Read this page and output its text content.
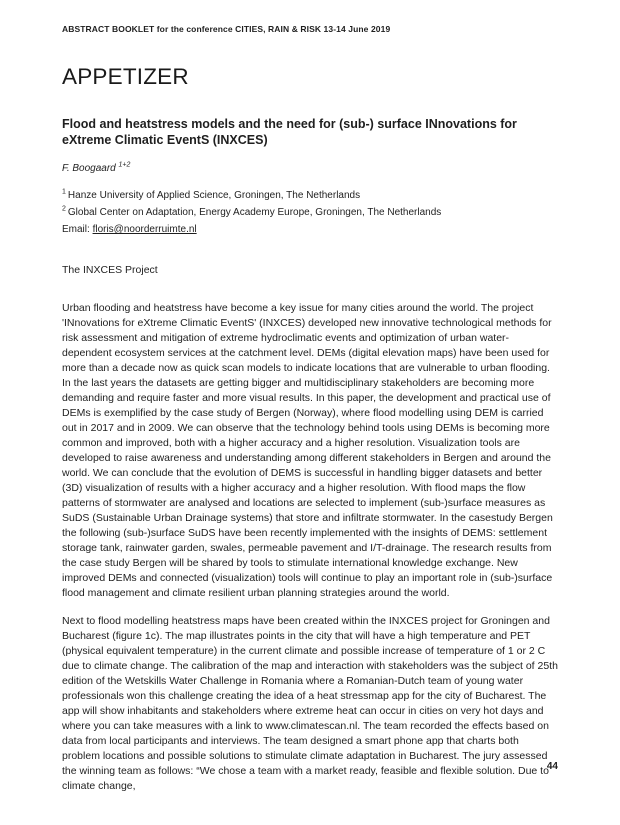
ABSTRACT BOOKLET for the conference CITIES, RAIN & RISK 13-14 June 2019
APPETIZER
Flood and heatstress models and the need for (sub-) surface INnovations for eXtreme Climatic EventS (INXCES)
F. Boogaard $^{1+2}$
$^1$ Hanze University of Applied Science, Groningen, The Netherlands
$^2$ Global Center on Adaptation, Energy Academy Europe, Groningen, The Netherlands
Email: floris@noorderruimte.nl
The INXCES Project

Urban flooding and heatstress have become a key issue for many cities around the world. The project 'INnovations for eXtreme Climatic EventS' (INXCES) developed new innovative technological methods for risk assessment and mitigation of extreme hydroclimatic events and optimization of urban water-dependent ecosystem services at the catchment level. DEMs (digital elevation maps) have been used for more than a decade now as quick scan models to indicate locations that are vulnerable to urban flooding. In the last years the datasets are getting bigger and multidisciplinary stakeholders are becoming more demanding and require faster and more visual results. In this paper, the development and practical use of DEMs is exemplified by the case study of Bergen (Norway), where flood modelling using DEM is carried out in 2017 and in 2009. We can observe that the technology behind tools using DEMs is becoming more common and improved, both with a higher accuracy and a higher resolution. Visualization tools are developed to raise awareness and understanding among different stakeholders in Bergen and around the world. We can conclude that the evolution of DEMS is successful in handling bigger datasets and better (3D) visualization of results with a higher accuracy and a higher resolution. With flood maps the flow patterns of stormwater are analysed and locations are selected to implement (sub-)surface measures as SuDS (Sustainable Urban Drainage systems) that store and infiltrate stormwater. In the casestudy Bergen the following (sub-)surface SuDS have been recently implemented with the insights of DEMS: settlement storage tank, rainwater garden, swales, permeable pavement and I/T-drainage. The research results from the case study Bergen will be shared by tools to stimulate international knowledge exchange. New improved DEMs and connected (visualization) tools will continue to play an important role in (sub-)surface flood management and climate resilient urban planning strategies around the world.

Next to flood modelling heatstress maps have been created within the INXCES project for Groningen and Bucharest (figure 1c). The map illustrates points in the city that will have a high temperature and PET (physical equivalent temperature) in the current climate and possible increase of temperature of 1 or 2 C due to climate change. The calibration of the map and interaction with stakeholders was the subject of 25th edition of the Wetskills Water Challenge in Romania where a Romanian-Dutch team of young water professionals won this challenge creating the idea of a heat stressmap app for the city of Bucharest. The app will show inhabitants and stakeholders where extreme heat can occur in cities on very hot days and where you can take measures with a link to www.climatescan.nl. The team recorded the effects based on data from local participants and interviews. The team designed a smart phone app that charts both problem locations and possible solutions to stimulate climate adaptation in Bucharest. The jury assessed the winning team as follows: “We chose a team with a market ready, feasible and flexible solution. Due to climate change,

44
